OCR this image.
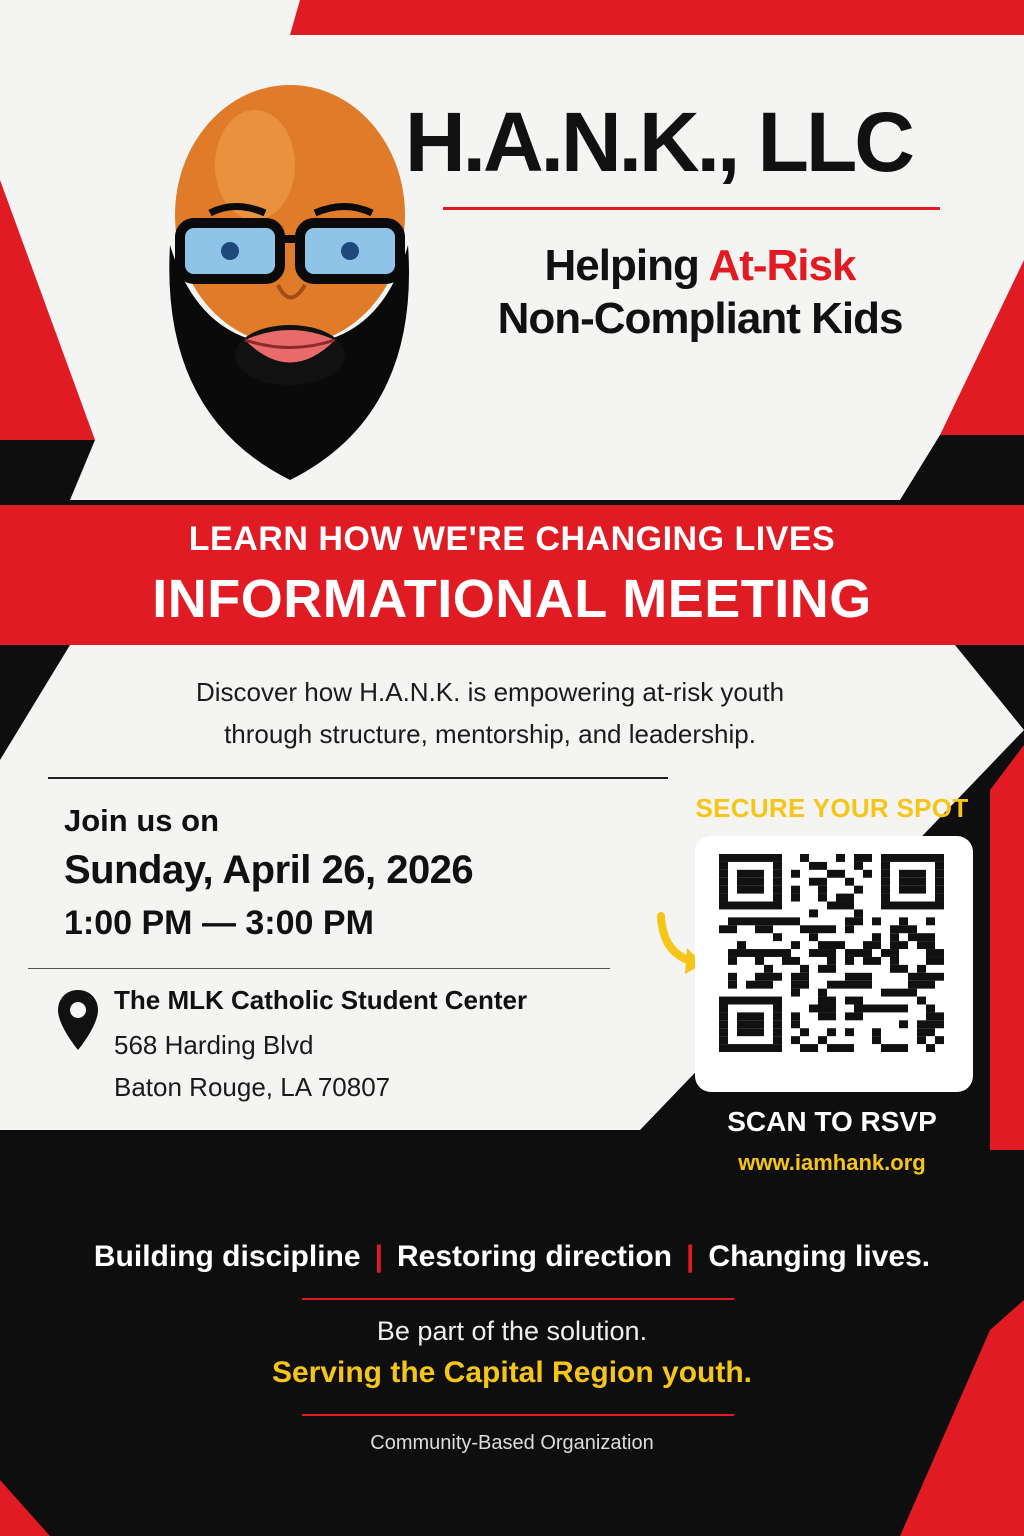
H.A.N.K., LLC
Helping At-Risk
Non-Compliant Kids
LEARN HOW WE'RE CHANGING LIVES
INFORMATIONAL MEETING
Discover how H.A.N.K. is empowering at-risk youth
through structure, mentorship, and leadership.
Join us on
Sunday, April 26, 2026
1:00 PM — 3:00 PM
The MLK Catholic Student Center
568 Harding Blvd
Baton Rouge, LA 70807
SECURE YOUR SPOT
SCAN TO RSVP
www.iamhank.org
Building discipline | Restoring direction | Changing lives.
Be part of the solution.
Serving the Capital Region youth.
Community-Based Organization
